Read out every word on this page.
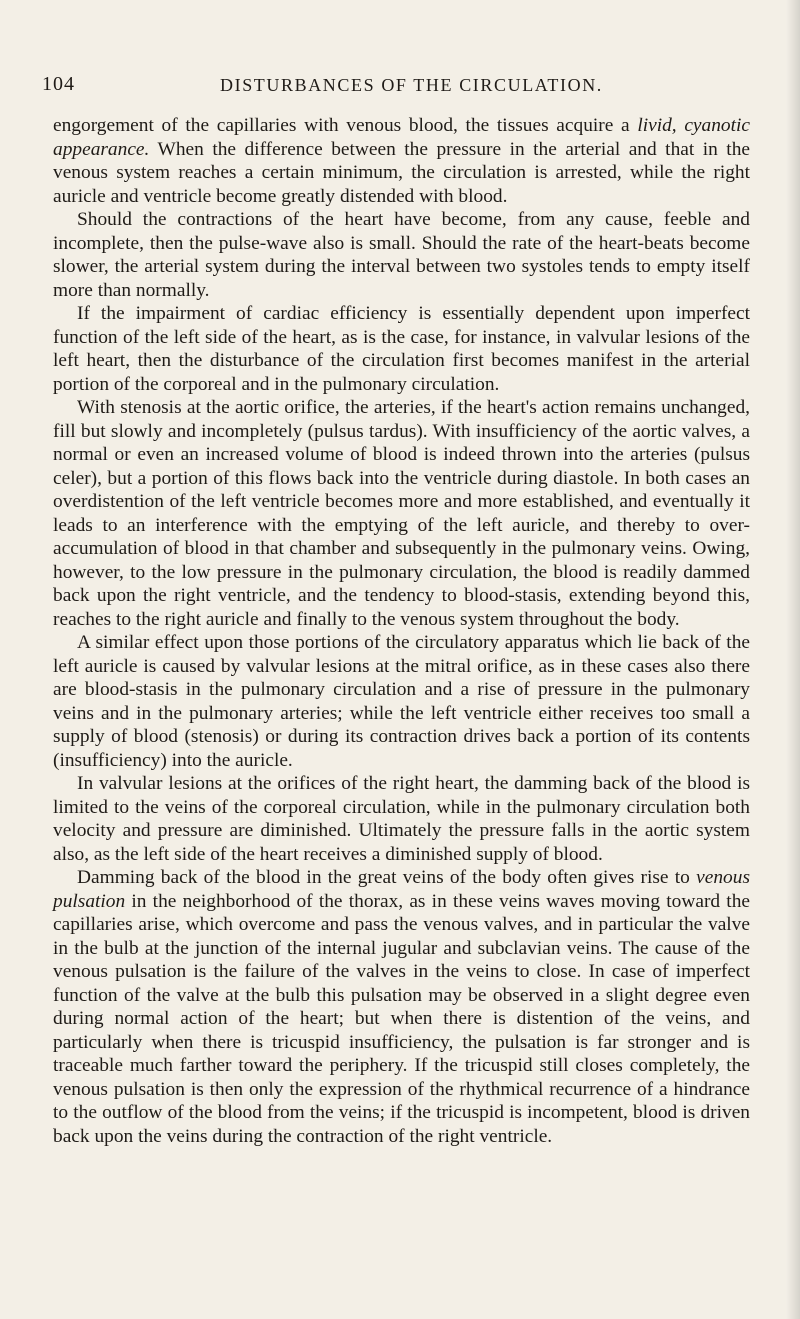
104	DISTURBANCES OF THE CIRCULATION.

engorgement of the capillaries with venous blood, the tissues acquire a livid, cyanotic appearance. When the difference between the pressure in the arterial and that in the venous system reaches a certain minimum, the circulation is arrested, while the right auricle and ventricle become greatly distended with blood.

Should the contractions of the heart have become, from any cause, feeble and incomplete, then the pulse-wave also is small. Should the rate of the heart-beats become slower, the arterial system during the interval between two systoles tends to empty itself more than normally.

If the impairment of cardiac efficiency is essentially dependent upon imperfect function of the left side of the heart, as is the case, for instance, in valvular lesions of the left heart, then the disturbance of the circulation first becomes manifest in the arterial portion of the corporeal and in the pulmonary circulation.

With stenosis at the aortic orifice, the arteries, if the heart's action remains unchanged, fill but slowly and incompletely (pulsus tardus). With insufficiency of the aortic valves, a normal or even an increased volume of blood is indeed thrown into the arteries (pulsus celer), but a portion of this flows back into the ventricle during diastole. In both cases an overdistention of the left ventricle becomes more and more established, and eventually it leads to an interference with the emptying of the left auricle, and thereby to over-accumulation of blood in that chamber and subsequently in the pulmonary veins. Owing, however, to the low pressure in the pulmonary circulation, the blood is readily dammed back upon the right ventricle, and the tendency to blood-stasis, extending beyond this, reaches to the right auricle and finally to the venous system throughout the body.

A similar effect upon those portions of the circulatory apparatus which lie back of the left auricle is caused by valvular lesions at the mitral orifice, as in these cases also there are blood-stasis in the pulmonary circulation and a rise of pressure in the pulmonary veins and in the pulmonary arteries; while the left ventricle either receives too small a supply of blood (stenosis) or during its contraction drives back a portion of its contents (insufficiency) into the auricle.

In valvular lesions at the orifices of the right heart, the damming back of the blood is limited to the veins of the corporeal circulation, while in the pulmonary circulation both velocity and pressure are diminished. Ultimately the pressure falls in the aortic system also, as the left side of the heart receives a diminished supply of blood.

Damming back of the blood in the great veins of the body often gives rise to venous pulsation in the neighborhood of the thorax, as in these veins waves moving toward the capillaries arise, which overcome and pass the venous valves, and in particular the valve in the bulb at the junction of the internal jugular and subclavian veins. The cause of the venous pulsation is the failure of the valves in the veins to close. In case of imperfect function of the valve at the bulb this pulsation may be observed in a slight degree even during normal action of the heart; but when there is distention of the veins, and particularly when there is tricuspid insufficiency, the pulsation is far stronger and is traceable much farther toward the periphery. If the tricuspid still closes completely, the venous pulsation is then only the expression of the rhythmical recurrence of a hindrance to the outflow of the blood from the veins; if the tricuspid is incompetent, blood is driven back upon the veins during the contraction of the right ventricle.
